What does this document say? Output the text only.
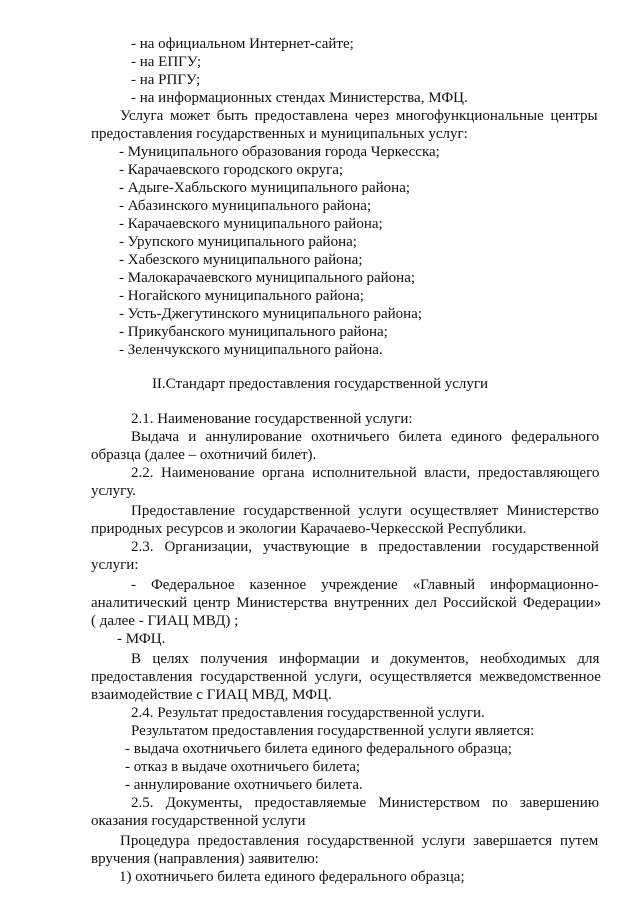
- на официальном Интернет-сайте;
- на ЕПГУ;
- на РПГУ;
- на информационных стендах Министерства, МФЦ.
Услуга может быть предоставлена через многофункциональные центры
предоставления государственных и муниципальных услуг:
- Муниципального образования города Черкесска;
- Карачаевского городского округа;
- Адыге-Хабльского муниципального района;
- Абазинского муниципального района;
- Карачаевского муниципального района;
- Урупского муниципального района;
- Хабезского муниципального района;
- Малокарачаевского муниципального района;
- Ногайского муниципального района;
- Усть-Джегутинского муниципального района;
- Прикубанского муниципального района;
- Зеленчукского муниципального района.
II.Стандарт предоставления государственной услуги
2.1. Наименование государственной услуги:
Выдача и аннулирование охотничьего билета единого федерального
образца (далее – охотничий билет).
2.2. Наименование органа исполнительной власти, предоставляющего
услугу.
Предоставление государственной услуги осуществляет Министерство
природных ресурсов и экологии Карачаево-Черкесской Республики.
2.3. Организации, участвующие в предоставлении государственной
услуги:
- Федеральное казенное учреждение «Главный информационно-
аналитический центр Министерства внутренних дел Российской Федерации»
( далее - ГИАЦ МВД) ;
- МФЦ.
В целях получения информации и документов, необходимых для
предоставления государственной услуги, осуществляется межведомственное
взаимодействие с ГИАЦ МВД, МФЦ.
2.4. Результат предоставления государственной услуги.
Результатом предоставления государственной услуги является:
- выдача охотничьего билета единого федерального образца;
- отказ в выдаче охотничьего билета;
- аннулирование охотничьего билета.
2.5. Документы, предоставляемые Министерством по завершению
оказания государственной услуги
Процедура предоставления государственной услуги завершается путем
вручения (направления) заявителю:
1) охотничьего билета единого федерального образца;
